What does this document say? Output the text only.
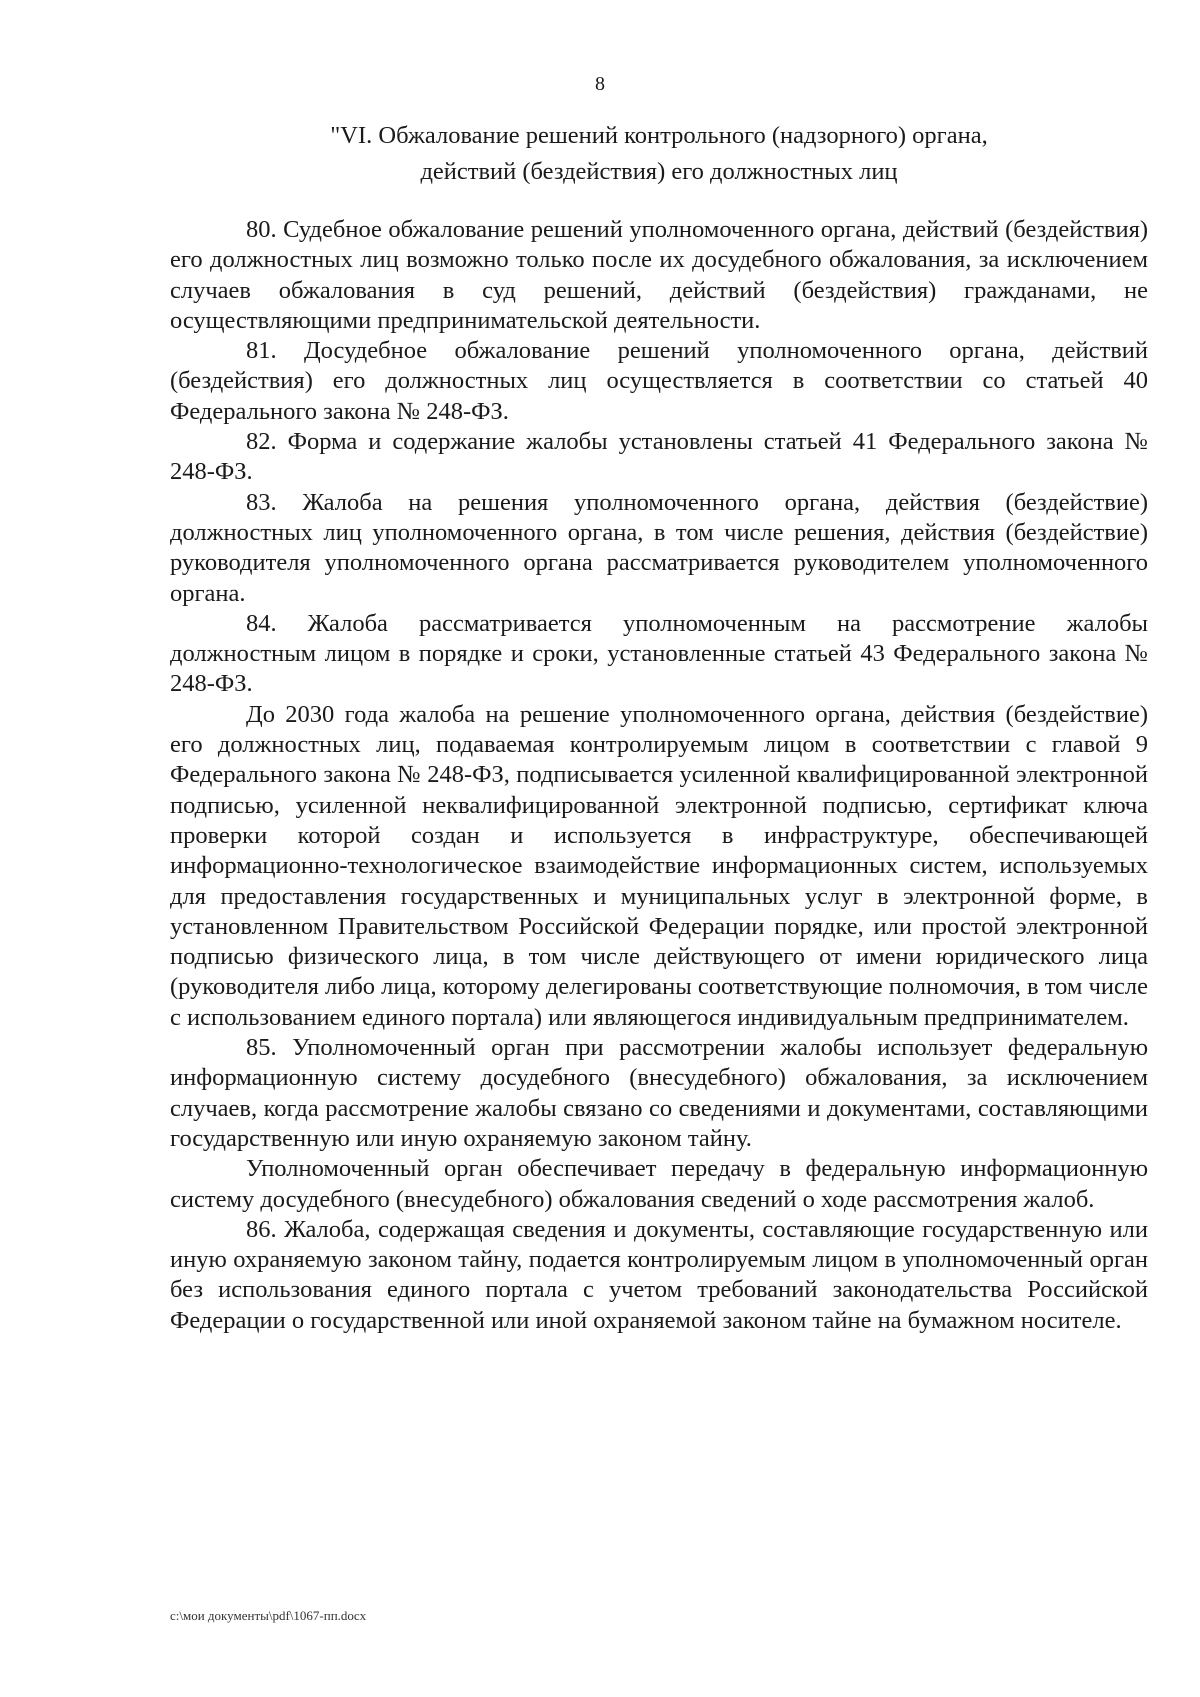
8
"VI. Обжалование решений контрольного (надзорного) органа,
действий (бездействия) его должностных лиц

80. Судебное обжалование решений уполномоченного органа, действий (бездействия) его должностных лиц возможно только после их досудебного обжалования, за исключением случаев обжалования в суд решений, действий (бездействия) гражданами, не осуществляющими предпринимательской деятельности.

81. Досудебное обжалование решений уполномоченного органа, действий (бездействия) его должностных лиц осуществляется в соответствии со статьей 40 Федерального закона № 248-ФЗ.

82. Форма и содержание жалобы установлены статьей 41 Федерального закона № 248-ФЗ.

83. Жалоба на решения уполномоченного органа, действия (бездействие) должностных лиц уполномоченного органа, в том числе решения, действия (бездействие) руководителя уполномоченного органа рассматривается руководителем уполномоченного органа.

84. Жалоба рассматривается уполномоченным на рассмотрение жалобы должностным лицом в порядке и сроки, установленные статьей 43 Федерального закона № 248-ФЗ.

До 2030 года жалоба на решение уполномоченного органа, действия (бездействие) его должностных лиц, подаваемая контролируемым лицом в соответствии с главой 9 Федерального закона № 248-ФЗ, подписывается усиленной квалифицированной электронной подписью, усиленной неквалифицированной электронной подписью, сертификат ключа проверки которой создан и используется в инфраструктуре, обеспечивающей информационно-технологическое взаимодействие информационных систем, используемых для предоставления государственных и муниципальных услуг в электронной форме, в установленном Правительством Российской Федерации порядке, или простой электронной подписью физического лица, в том числе действующего от имени юридического лица (руководителя либо лица, которому делегированы соответствующие полномочия, в том числе с использованием единого портала) или являющегося индивидуальным предпринимателем.

85. Уполномоченный орган при рассмотрении жалобы использует федеральную информационную систему досудебного (внесудебного) обжалования, за исключением случаев, когда рассмотрение жалобы связано со сведениями и документами, составляющими государственную или иную охраняемую законом тайну.

Уполномоченный орган обеспечивает передачу в федеральную информационную систему досудебного (внесудебного) обжалования сведений о ходе рассмотрения жалоб.

86. Жалоба, содержащая сведения и документы, составляющие государственную или иную охраняемую законом тайну, подается контролируемым лицом в уполномоченный орган без использования единого портала с учетом требований законодательства Российской Федерации о государственной или иной охраняемой законом тайне на бумажном носителе.

c:\мои документы\pdf\1067-пп.docx
